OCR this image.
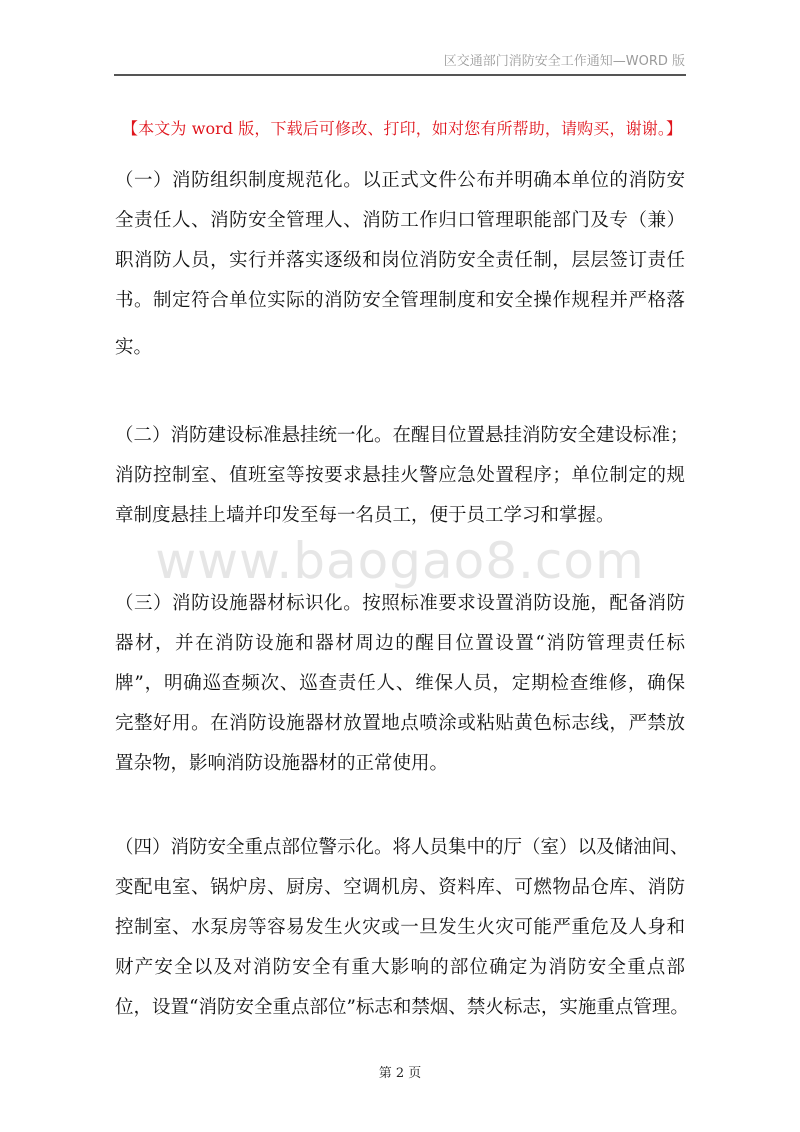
区交通部门消防安全工作通知—WORD 版
【本文为 word 版，下载后可修改、打印，如对您有所帮助，请购买，谢谢。】
www.baogao8.com
（一）消防组织制度规范化。以正式文件公布并明确本单位的消防安
全责任人、消防安全管理人、消防工作归口管理职能部门及专（兼）
职消防人员，实行并落实逐级和岗位消防安全责任制，层层签订责任
书。制定符合单位实际的消防安全管理制度和安全操作规程并严格落
实。
（二）消防建设标准悬挂统一化。在醒目位置悬挂消防安全建设标准；
消防控制室、值班室等按要求悬挂火警应急处置程序；单位制定的规
章制度悬挂上墙并印发至每一名员工，便于员工学习和掌握。
（三）消防设施器材标识化。按照标准要求设置消防设施，配备消防
器材，并在消防设施和器材周边的醒目位置设置“消防管理责任标
牌”，明确巡查频次、巡查责任人、维保人员，定期检查维修，确保
完整好用。在消防设施器材放置地点喷涂或粘贴黄色标志线，严禁放
置杂物，影响消防设施器材的正常使用。
（四）消防安全重点部位警示化。将人员集中的厅（室）以及储油间、
变配电室、锅炉房、厨房、空调机房、资料库、可燃物品仓库、消防
控制室、水泵房等容易发生火灾或一旦发生火灾可能严重危及人身和
财产安全以及对消防安全有重大影响的部位确定为消防安全重点部
位，设置“消防安全重点部位”标志和禁烟、禁火标志，实施重点管理。
第 2 页
